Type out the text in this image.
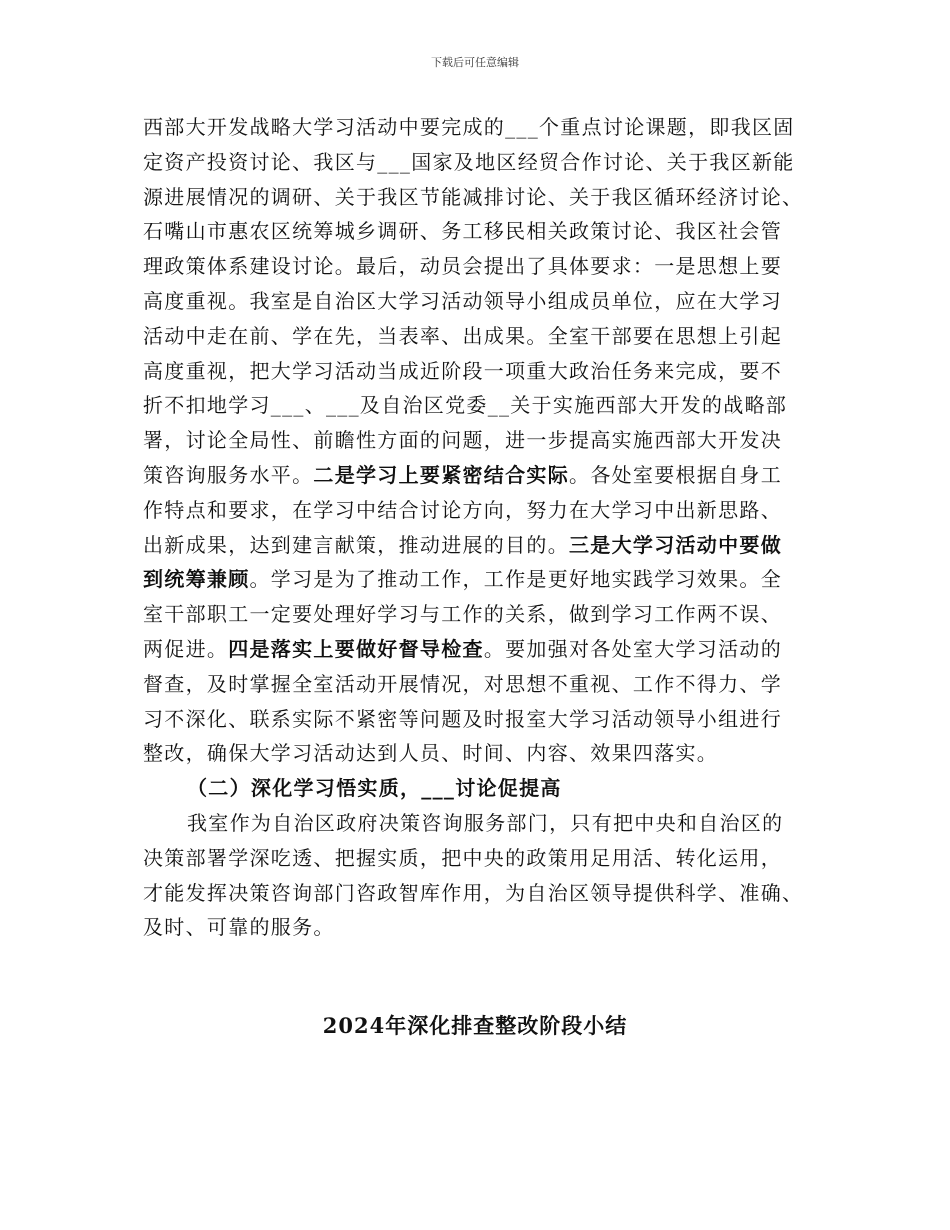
下载后可任意编辑
西部大开发战略大学习活动中要完成的___个重点讨论课题，即我区固
定资产投资讨论、我区与___国家及地区经贸合作讨论、关于我区新能
源进展情况的调研、关于我区节能减排讨论、关于我区循环经济讨论、
石嘴山市惠农区统筹城乡调研、务工移民相关政策讨论、我区社会管
理政策体系建设讨论。最后，动员会提出了具体要求：一是思想上要
高度重视。我室是自治区大学习活动领导小组成员单位，应在大学习
活动中走在前、学在先，当表率、出成果。全室干部要在思想上引起
高度重视，把大学习活动当成近阶段一项重大政治任务来完成，要不
折不扣地学习___、___及自治区党委__关于实施西部大开发的战略部
署，讨论全局性、前瞻性方面的问题，进一步提高实施西部大开发决
策咨询服务水平。二是学习上要紧密结合实际。各处室要根据自身工
作特点和要求，在学习中结合讨论方向，努力在大学习中出新思路、
出新成果，达到建言献策，推动进展的目的。三是大学习活动中要做
到统筹兼顾。学习是为了推动工作，工作是更好地实践学习效果。全
室干部职工一定要处理好学习与工作的关系，做到学习工作两不误、
两促进。四是落实上要做好督导检查。要加强对各处室大学习活动的
督查，及时掌握全室活动开展情况，对思想不重视、工作不得力、学
习不深化、联系实际不紧密等问题及时报室大学习活动领导小组进行
整改，确保大学习活动达到人员、时间、内容、效果四落实。
（二）深化学习悟实质，___讨论促提高
我室作为自治区政府决策咨询服务部门，只有把中央和自治区的
决策部署学深吃透、把握实质，把中央的政策用足用活、转化运用，
才能发挥决策咨询部门咨政智库作用，为自治区领导提供科学、准确、
及时、可靠的服务。
2024年深化排查整改阶段小结
